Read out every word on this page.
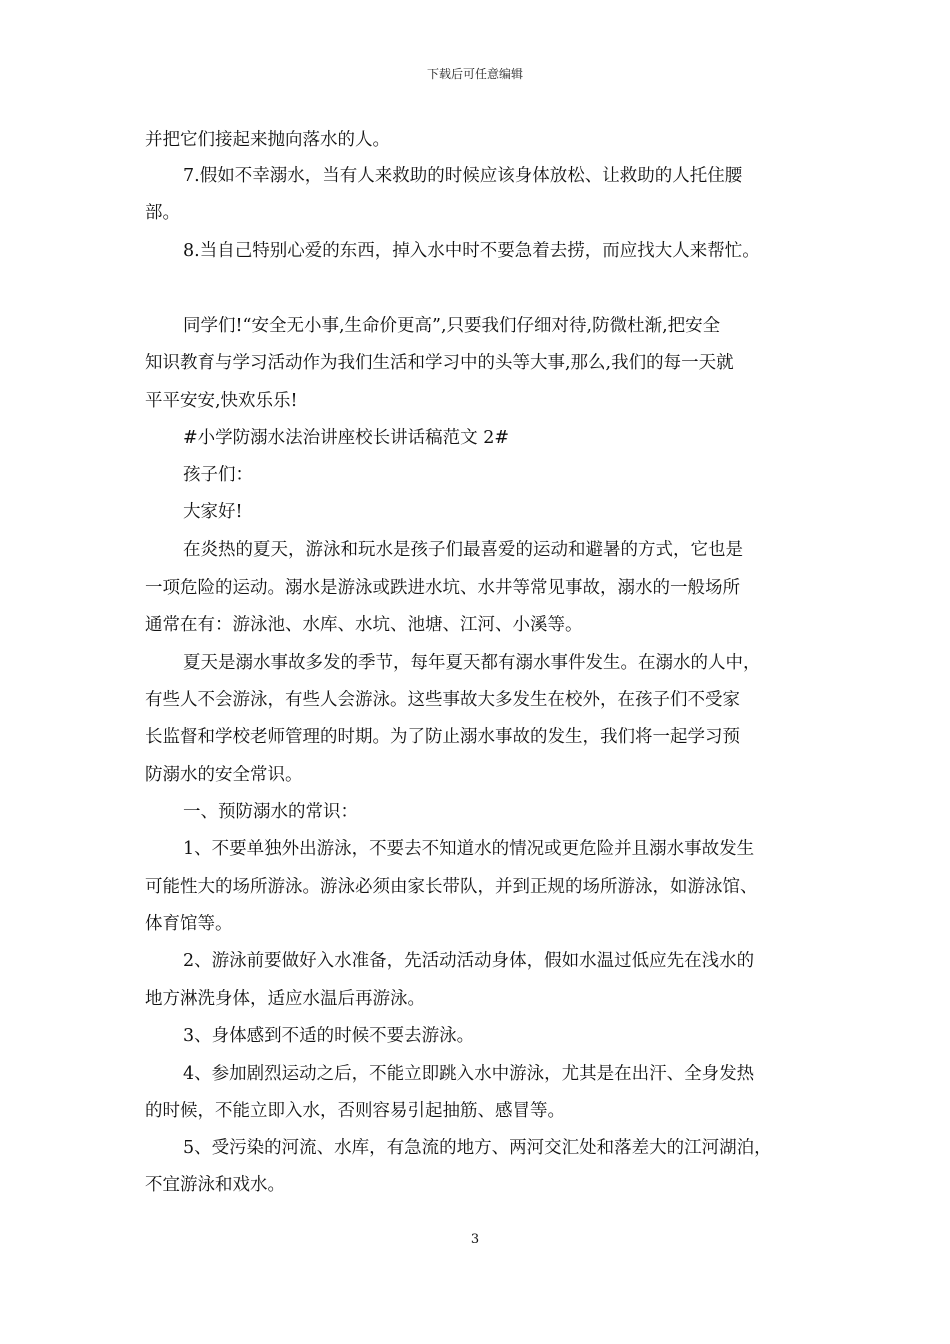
下载后可任意编辑
并把它们接起来抛向落水的人。
7.假如不幸溺水，当有人来救助的时候应该身体放松、让救助的人托住腰
部。
8.当自己特别心爱的东西，掉入水中时不要急着去捞，而应找大人来帮忙。
同学们!“安全无小事,生命价更高”,只要我们仔细对待,防微杜渐,把安全
知识教育与学习活动作为我们生活和学习中的头等大事,那么,我们的每一天就
平平安安,快欢乐乐!
#小学防溺水法治讲座校长讲话稿范文 2#
孩子们：
大家好!
在炎热的夏天，游泳和玩水是孩子们最喜爱的运动和避暑的方式，它也是
一项危险的运动。溺水是游泳或跌进水坑、水井等常见事故，溺水的一般场所
通常在有：游泳池、水库、水坑、池塘、江河、小溪等。
夏天是溺水事故多发的季节，每年夏天都有溺水事件发生。在溺水的人中，
有些人不会游泳，有些人会游泳。这些事故大多发生在校外，在孩子们不受家
长监督和学校老师管理的时期。为了防止溺水事故的发生，我们将一起学习预
防溺水的安全常识。
一、预防溺水的常识：
1、不要单独外出游泳，不要去不知道水的情况或更危险并且溺水事故发生
可能性大的场所游泳。游泳必须由家长带队，并到正规的场所游泳，如游泳馆、
体育馆等。
2、游泳前要做好入水准备，先活动活动身体，假如水温过低应先在浅水的
地方淋洗身体，适应水温后再游泳。
3、身体感到不适的时候不要去游泳。
4、参加剧烈运动之后，不能立即跳入水中游泳，尤其是在出汗、全身发热
的时候，不能立即入水，否则容易引起抽筋、感冒等。
5、受污染的河流、水库，有急流的地方、两河交汇处和落差大的江河湖泊，
不宜游泳和戏水。
3
